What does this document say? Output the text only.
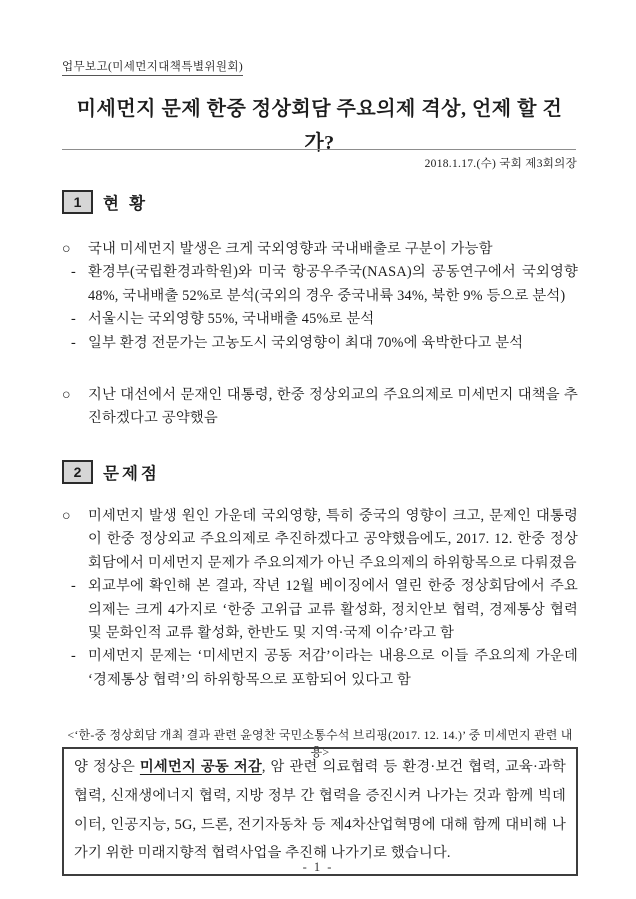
업무보고(미세먼지대책특별위원회)
미세먼지 문제 한중 정상회담 주요의제 격상, 언제 할 건가?
2018.1.17.(수) 국회 제3회의장
1	현 황
○	국내 미세먼지 발생은 크게 국외영향과 국내배출로 구분이 가능함
- 환경부(국립환경과학원)와 미국 항공우주국(NASA)의 공동연구에서 국외영향 48%, 국내배출 52%로 분석(국외의 경우 중국내륙 34%, 북한 9% 등으로 분석)
- 서울시는 국외영향 55%, 국내배출 45%로 분석
- 일부 환경 전문가는 고농도시 국외영향이 최대 70%에 육박한다고 분석
○	지난 대선에서 문재인 대통령, 한중 정상외교의 주요의제로 미세먼지 대책을 추진하겠다고 공약했음
2	문제점
○	미세먼지 발생 원인 가운데 국외영향, 특히 중국의 영향이 크고, 문제인 대통령이 한중 정상외교 주요의제로 추진하겠다고 공약했음에도, 2017. 12. 한중 정상회담에서 미세먼지 문제가 주요의제가 아닌 주요의제의 하위항목으로 다뤄졌음
- 외교부에 확인해 본 결과, 작년 12월 베이징에서 열린 한중 정상회담에서 주요의제는 크게 4가지로 ‘한중 고위급 교류 활성화, 정치안보 협력, 경제통상 협력 및 문화인적 교류 활성화, 한반도 및 지역·국제 이슈’라고 함
- 미세먼지 문제는 ‘미세먼지 공동 저감’이라는 내용으로 이들 주요의제 가운데 ‘경제통상 협력’의 하위항목으로 포함되어 있다고 함
<‘한-중 정상회담 개최 결과 관련 윤영찬 국민소통수석 브리핑(2017. 12. 14.)’ 중 미세먼지 관련 내용>
양 정상은 미세먼지 공동 저감, 암 관련 의료협력 등 환경·보건 협력, 교육·과학 협력, 신재생에너지 협력, 지방 정부 간 협력을 증진시켜 나가는 것과 함께 빅데이터, 인공지능, 5G, 드론, 전기자동차 등 제4차산업혁명에 대해 함께 대비해 나가기 위한 미래지향적 협력사업을 추진해 나가기로 했습니다.
- 1 -
